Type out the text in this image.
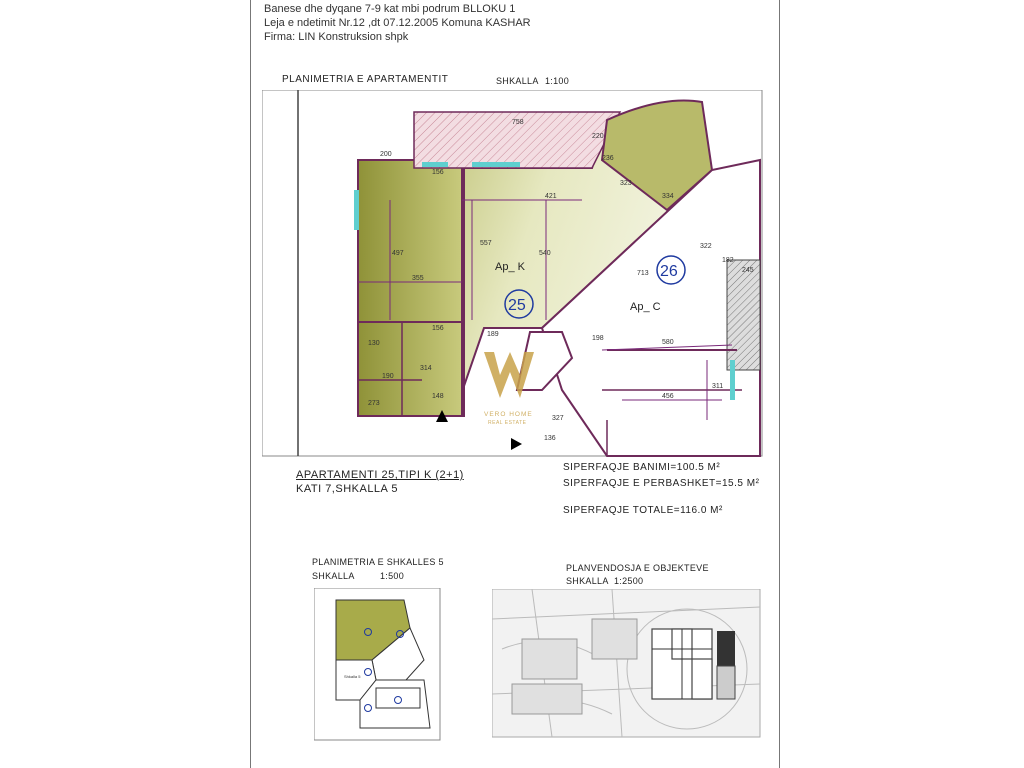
Banese dhe dyqane 7-9 kat mbi podrum BLLOKU 1
Leja e ndetimit Nr.12 ,dt 07.12.2005 Komuna KASHAR
Firma: LIN Konstruksion shpk
PLANIMETRIA E APARTAMENTIT	SHKALLA 1:100
758
200
156
421
497
557
540
355
156
130
314
190
148
273
189
220
236
323
334
322
182
245
198
580
327
456
311
136
713
Ap_ K
25	Ap_ C
26
VERO HOME
REAL ESTATE
APARTAMENTI 25,TIPI K (2+1)
KATI 7,SHKALLA 5
SIPERFAQJE BANIMI=100.5 M²
SIPERFAQJE E PERBASHKET=15.5 M²
SIPERFAQJE TOTALE=116.0 M²
PLANIMETRIA E SHKALLES 5
SHKALLA	1:500
Shkalla 5
PLANVENDOSJA E OBJEKTEVE
SHKALLA 1:2500
